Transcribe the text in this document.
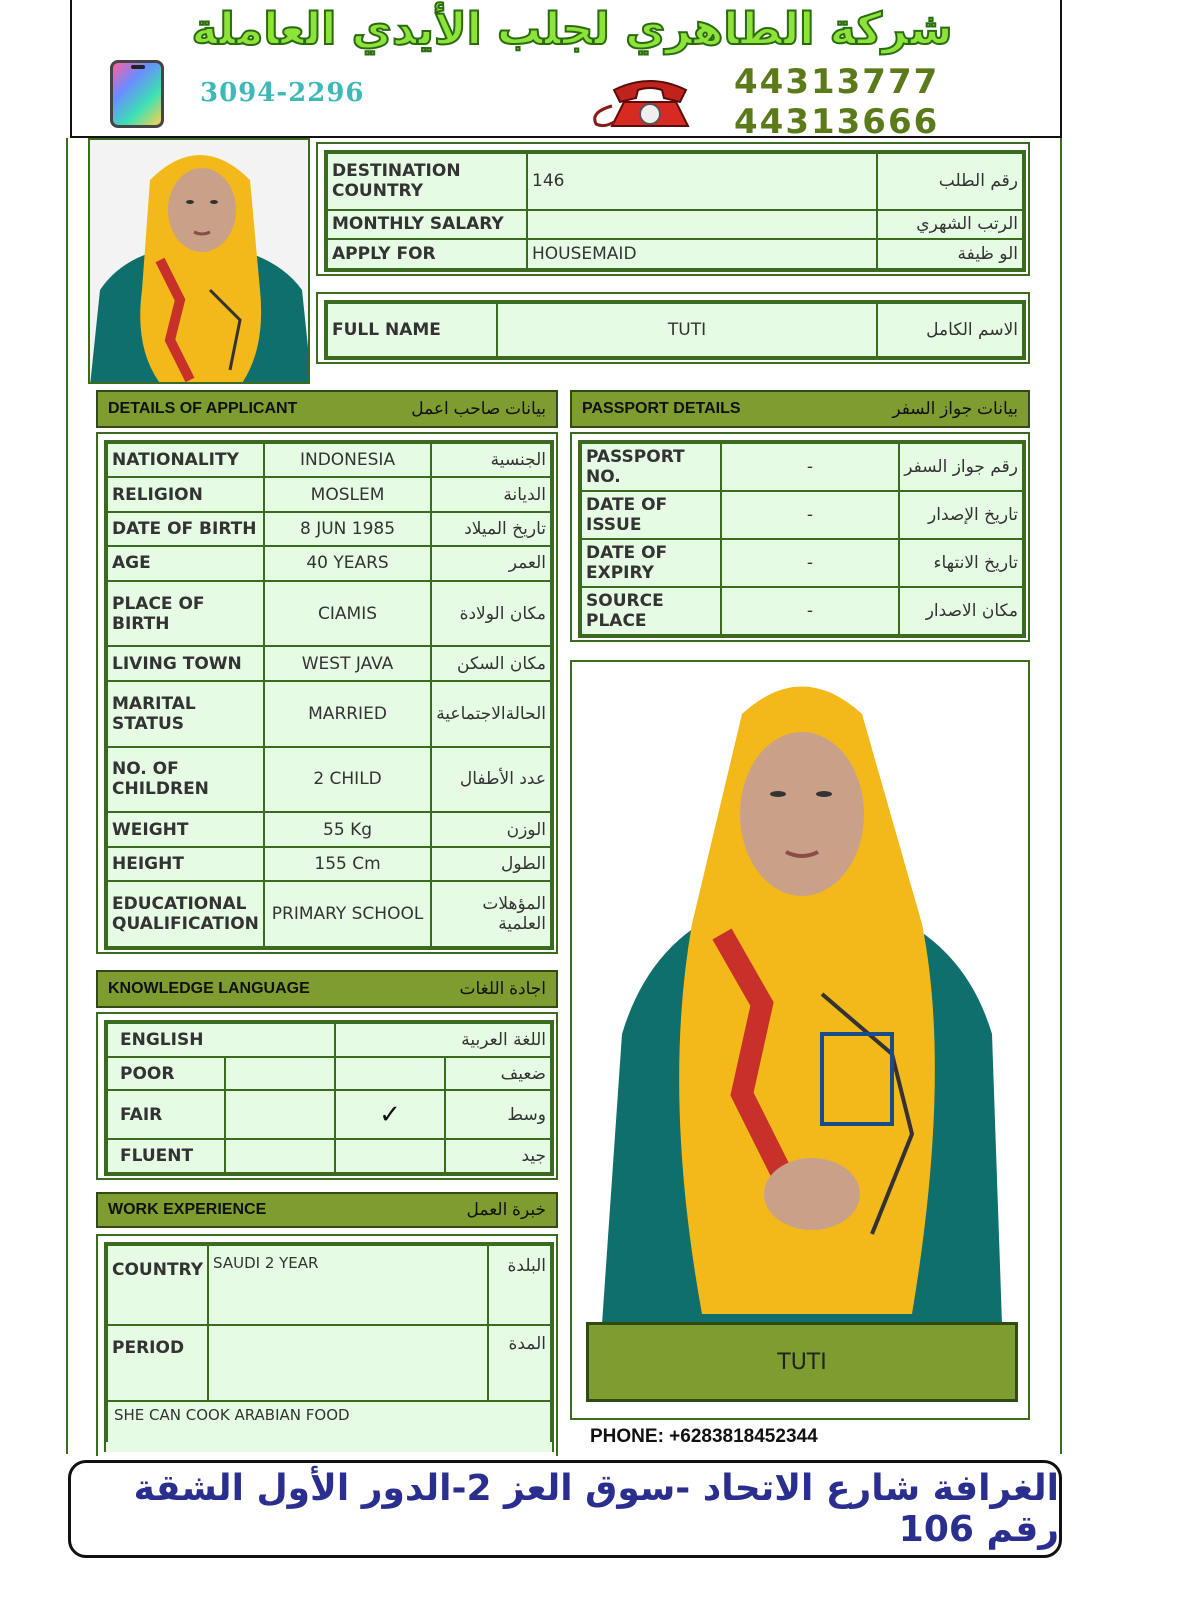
شركة الطاهري لجلب الأيدي العاملة
3094-2296	44313777
44313666
DESTINATION COUNTRY	146	رقم الطلب
MONTHLY SALARY		الرتب الشهري
APPLY FOR	HOUSEMAID	الو ظيفة
FULL NAME	TUTI	الاسم الكامل
DETAILS OF APPLICANT	بيانات صاحب اعمل
NATIONALITY	INDONESIA	الجنسية
RELIGION	MOSLEM	الديانة
DATE OF BIRTH	8 JUN 1985	تاريخ الميلاد
AGE	40 YEARS	العمر
PLACE OF BIRTH	CIAMIS	مكان الولادة
LIVING TOWN	WEST JAVA	مكان السكن
MARITAL STATUS	MARRIED	الحالةالاجتماعية
NO. OF CHILDREN	2 CHILD	عدد الأطفال
WEIGHT	55 Kg	الوزن
HEIGHT	155 Cm	الطول
EDUCATIONAL QUALIFICATION	PRIMARY SCHOOL	المؤهلات العلمية
PASSPORT DETAILS	بيانات جواز السفر
PASSPORT NO.	-	رقم جواز السفر
DATE OF ISSUE	-	تاريخ الإصدار
DATE OF EXPIRY	-	تاريخ الانتهاء
SOURCE PLACE	-	مكان الاصدار
KNOWLEDGE LANGUAGE	اجادة اللغات
ENGLISH		اللغة العربية	
POOR			ضعيف
FAIR		✓	وسط
FLUENT			جيد
WORK EXPERIENCE	خبرة العمل
COUNTRY	SAUDI 2 YEAR	البلدة
PERIOD		المدة
SHE CAN COOK ARABIAN FOOD
TUTI
PHONE: +6283818452344
الغرافة شارع الاتحاد -سوق العز 2-الدور الأول الشقة رقم 106
